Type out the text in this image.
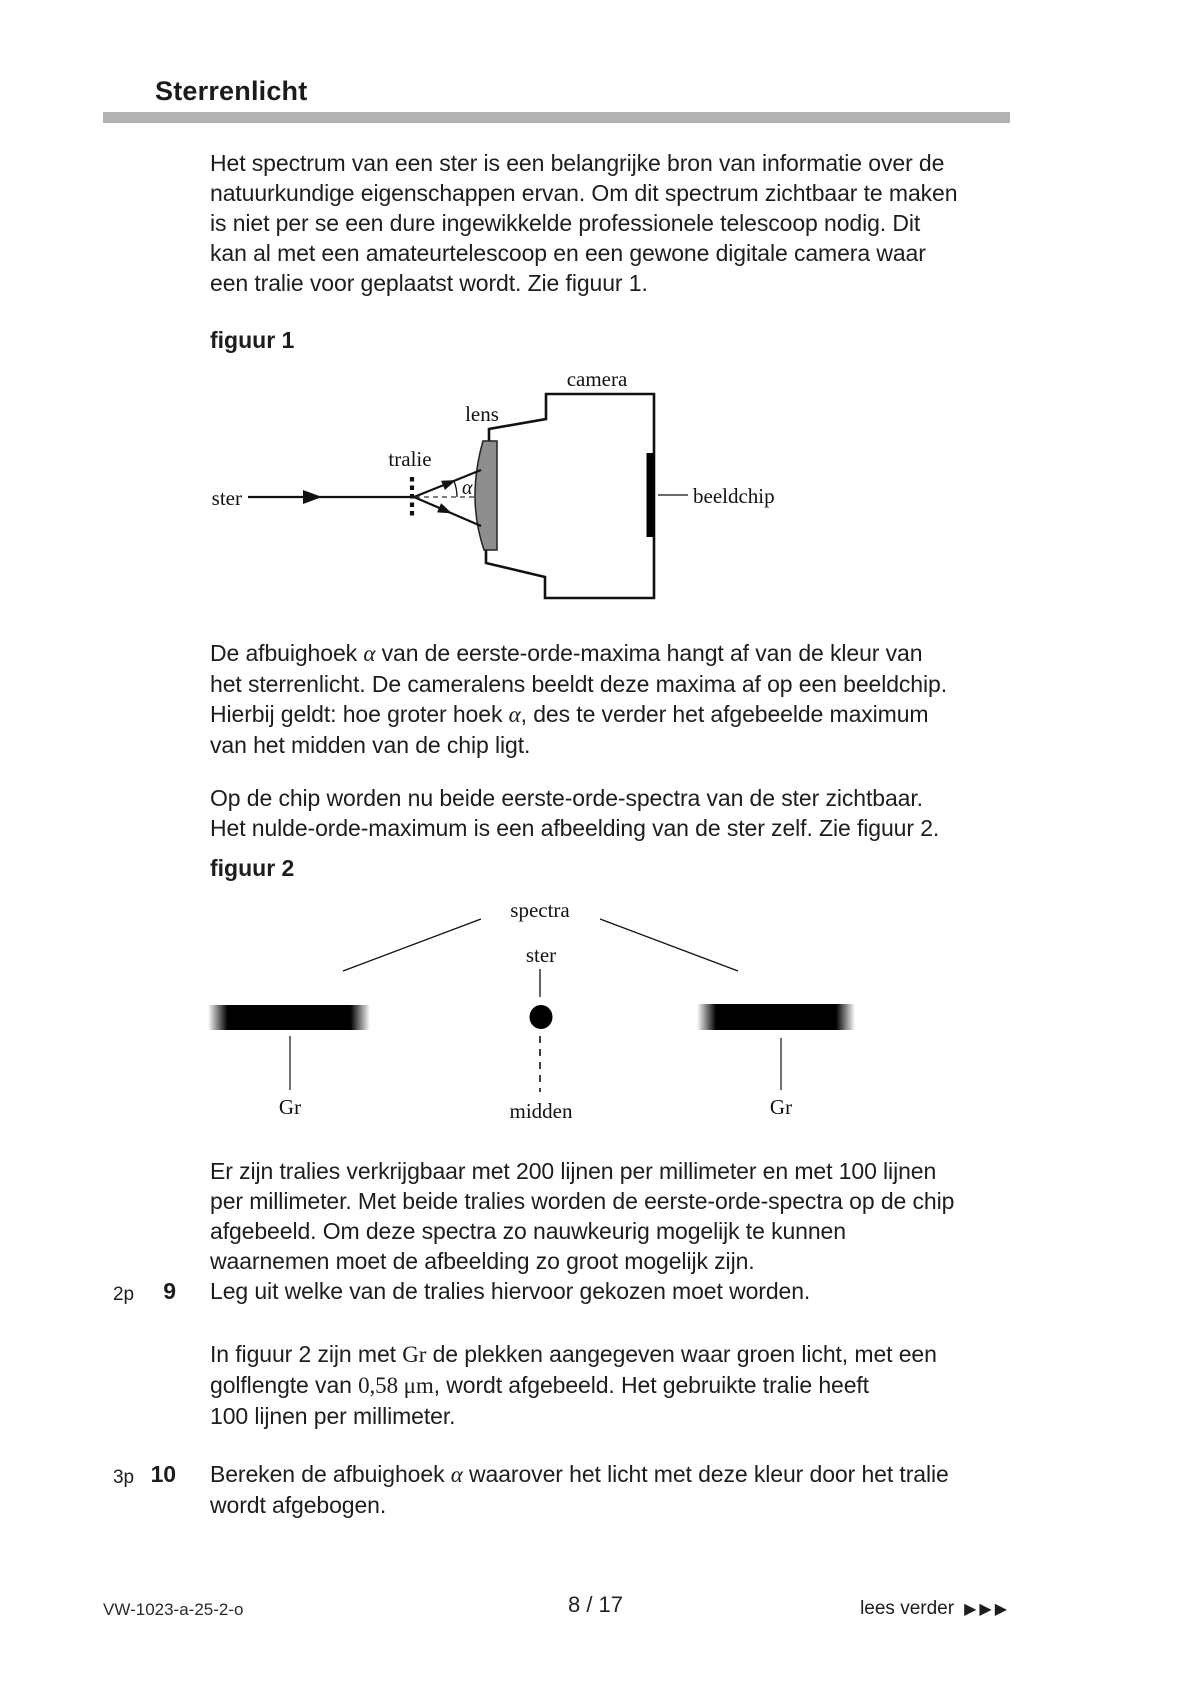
Sterrenlicht
Het spectrum van een ster is een belangrijke bron van informatie over de
natuurkundige eigenschappen ervan. Om dit spectrum zichtbaar te maken
is niet per se een dure ingewikkelde professionele telescoop nodig. Dit
kan al met een amateurtelescoop en een gewone digitale camera waar
een tralie voor geplaatst wordt. Zie figuur 1.
figuur 1
camera
lens
tralie
ster	α	beeldchip
De afbuighoek α van de eerste-orde-maxima hangt af van de kleur van
het sterrenlicht. De cameralens beeldt deze maxima af op een beeldchip.
Hierbij geldt: hoe groter hoek α, des te verder het afgebeelde maximum
van het midden van de chip ligt.
Op de chip worden nu beide eerste-orde-spectra van de ster zichtbaar.
Het nulde-orde-maximum is een afbeelding van de ster zelf. Zie figuur 2.
figuur 2
spectra
ster
Gr	Gr
midden
Er zijn tralies verkrijgbaar met 200 lijnen per millimeter en met 100 lijnen
per millimeter. Met beide tralies worden de eerste-orde-spectra op de chip
afgebeeld. Om deze spectra zo nauwkeurig mogelijk te kunnen
waarnemen moet de afbeelding zo groot mogelijk zijn.
2p	9 Leg uit welke van de tralies hiervoor gekozen moet worden.
In figuur 2 zijn met Gr de plekken aangegeven waar groen licht, met een
golflengte van 0,58 μm, wordt afgebeeld. Het gebruikte tralie heeft
100 lijnen per millimeter.
3p 10 Bereken de afbuighoek α waarover het licht met deze kleur door het tralie
wordt afgebogen.
VW-1023-a-25-2-o	8 / 17	lees verder ▶▶▶
